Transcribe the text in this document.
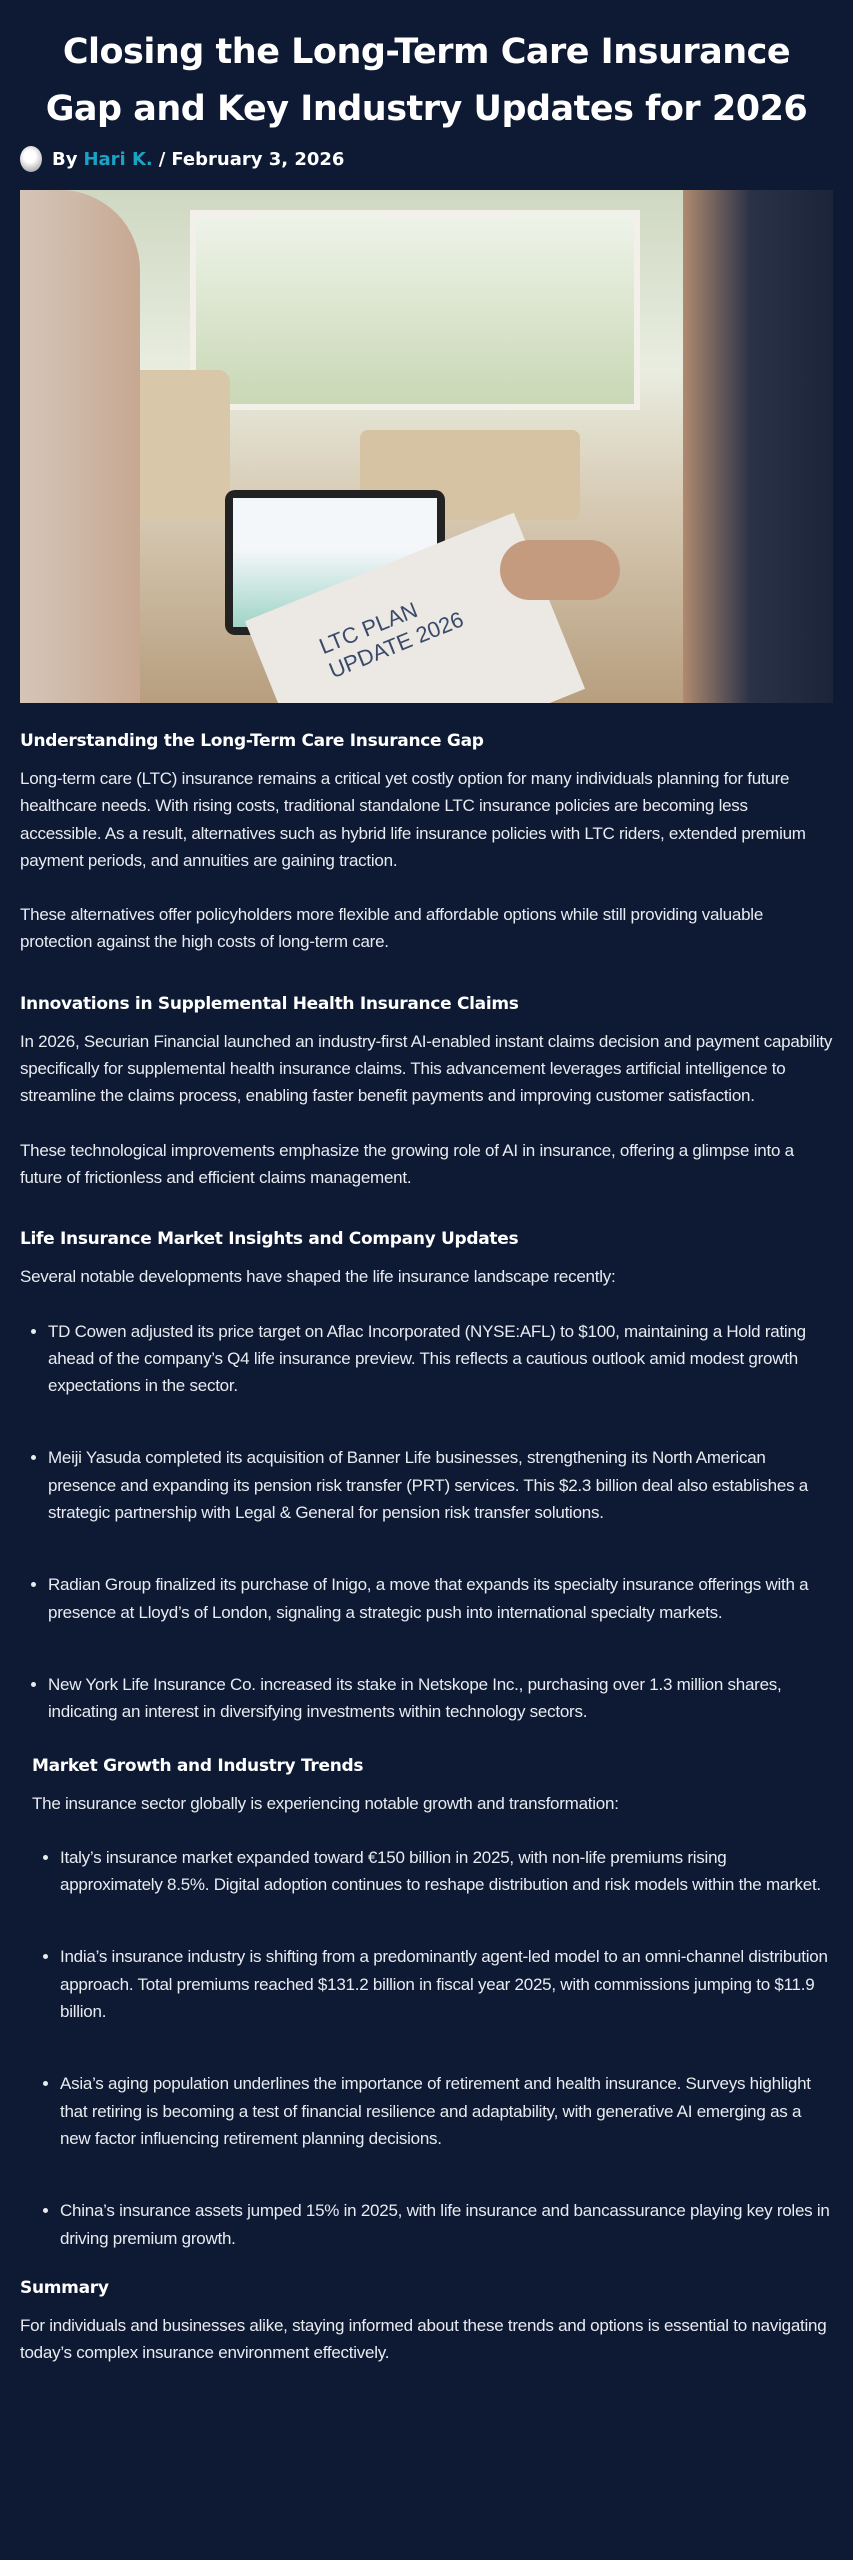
Closing the Long-Term Care Insurance Gap and Key Industry Updates for 2026
By Hari K. / February 3, 2026
LTC PLAN UPDATE 2026
Understanding the Long-Term Care Insurance Gap

Long-term care (LTC) insurance remains a critical yet costly option for many individuals planning for future healthcare needs. With rising costs, traditional standalone LTC insurance policies are becoming less accessible. As a result, alternatives such as hybrid life insurance policies with LTC riders, extended premium payment periods, and annuities are gaining traction.

These alternatives offer policyholders more flexible and affordable options while still providing valuable protection against the high costs of long-term care.

Innovations in Supplemental Health Insurance Claims

In 2026, Securian Financial launched an industry-first AI-enabled instant claims decision and payment capability specifically for supplemental health insurance claims. This advancement leverages artificial intelligence to streamline the claims process, enabling faster benefit payments and improving customer satisfaction.

These technological improvements emphasize the growing role of AI in insurance, offering a glimpse into a future of frictionless and efficient claims management.

Life Insurance Market Insights and Company Updates

Several notable developments have shaped the life insurance landscape recently:

• TD Cowen adjusted its price target on Aflac Incorporated (NYSE:AFL) to $100, maintaining a Hold rating ahead of the company’s Q4 life insurance preview. This reflects a cautious outlook amid modest growth expectations in the sector.
• Meiji Yasuda completed its acquisition of Banner Life businesses, strengthening its North American presence and expanding its pension risk transfer (PRT) services. This $2.3 billion deal also establishes a strategic partnership with Legal & General for pension risk transfer solutions.
• Radian Group finalized its purchase of Inigo, a move that expands its specialty insurance offerings with a presence at Lloyd’s of London, signaling a strategic push into international specialty markets.
• New York Life Insurance Co. increased its stake in Netskope Inc., purchasing over 1.3 million shares, indicating an interest in diversifying investments within technology sectors.
Market Growth and Industry Trends

The insurance sector globally is experiencing notable growth and transformation:

• Italy’s insurance market expanded toward €150 billion in 2025, with non-life premiums rising approximately 8.5%. Digital adoption continues to reshape distribution and risk models within the market.
• India’s insurance industry is shifting from a predominantly agent-led model to an omni-channel distribution approach. Total premiums reached $131.2 billion in fiscal year 2025, with commissions jumping to $11.9 billion.
• Asia’s aging population underlines the importance of retirement and health insurance. Surveys highlight that retiring is becoming a test of financial resilience and adaptability, with generative AI emerging as a new factor influencing retirement planning decisions.
• China’s insurance assets jumped 15% in 2025, with life insurance and bancassurance playing key roles in driving premium growth.
Summary

For individuals and businesses alike, staying informed about these trends and options is essential to navigating today’s complex insurance environment effectively.
